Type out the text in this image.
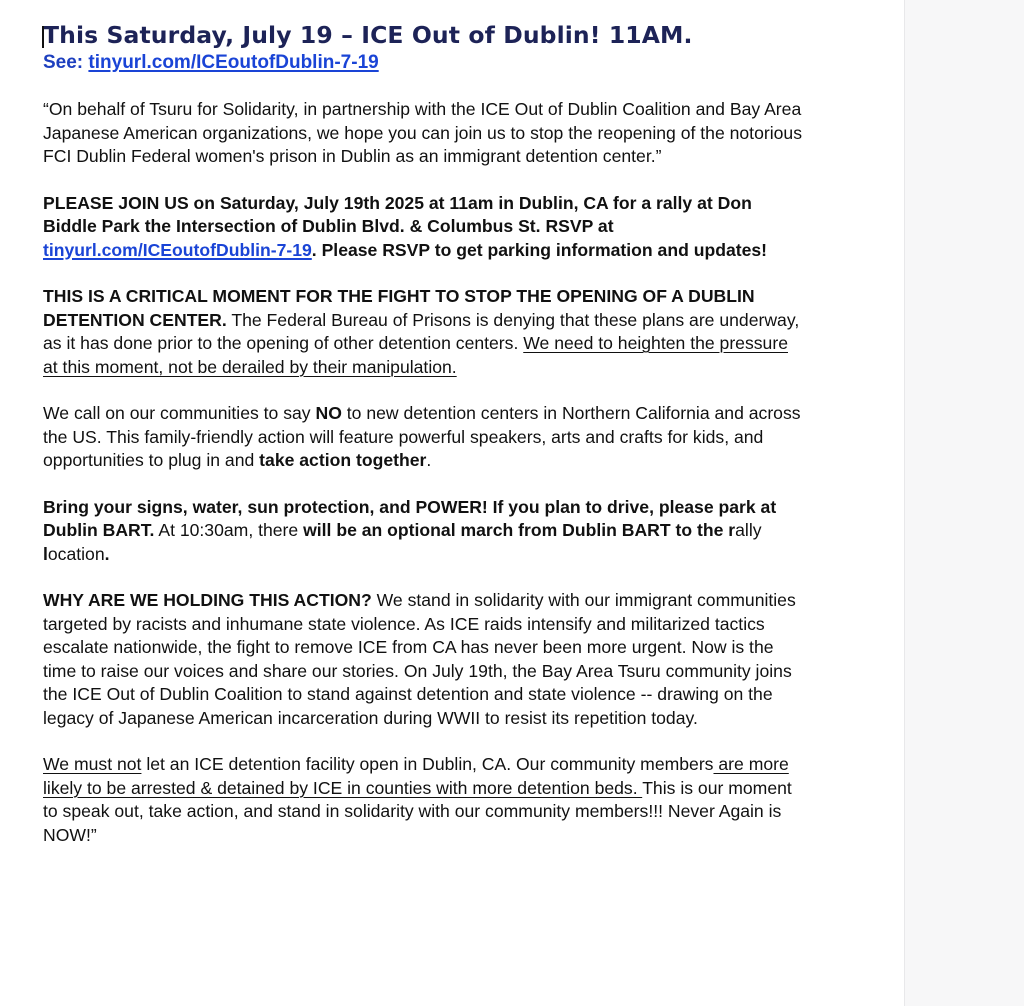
This Saturday, July 19 – ICE Out of Dublin! 11AM.

See: tinyurl.com/ICEoutofDublin-7-19

“On behalf of Tsuru for Solidarity, in partnership with the ICE Out of Dublin Coalition and Bay Area Japanese American organizations, we hope you can join us to stop the reopening of the notorious FCI Dublin Federal women's prison in Dublin as an immigrant detention center.”

PLEASE JOIN US on Saturday, July 19th 2025 at 11am in Dublin, CA for a rally at Don Biddle Park the Intersection of Dublin Blvd. & Columbus St. RSVP at tinyurl.com/ICEoutofDublin-7-19. Please RSVP to get parking information and updates!

THIS IS A CRITICAL MOMENT FOR THE FIGHT TO STOP THE OPENING OF A DUBLIN DETENTION CENTER. The Federal Bureau of Prisons is denying that these plans are underway, as it has done prior to the opening of other detention centers. We need to heighten the pressure at this moment, not be derailed by their manipulation.

We call on our communities to say NO to new detention centers in Northern California and across the US. This family-friendly action will feature powerful speakers, arts and crafts for kids, and opportunities to plug in and take action together.

Bring your signs, water, sun protection, and POWER! If you plan to drive, please park at Dublin BART. At 10:30am, there will be an optional march from Dublin BART to the rally location.

WHY ARE WE HOLDING THIS ACTION? We stand in solidarity with our immigrant communities targeted by racists and inhumane state violence. As ICE raids intensify and militarized tactics escalate nationwide, the fight to remove ICE from CA has never been more urgent. Now is the time to raise our voices and share our stories. On July 19th, the Bay Area Tsuru community joins the ICE Out of Dublin Coalition to stand against detention and state violence -- drawing on the legacy of Japanese American incarceration during WWII to resist its repetition today.

We must not let an ICE detention facility open in Dublin, CA. Our community members are more likely to be arrested & detained by ICE in counties with more detention beds. This is our moment to speak out, take action, and stand in solidarity with our community members!!! Never Again is NOW!”
